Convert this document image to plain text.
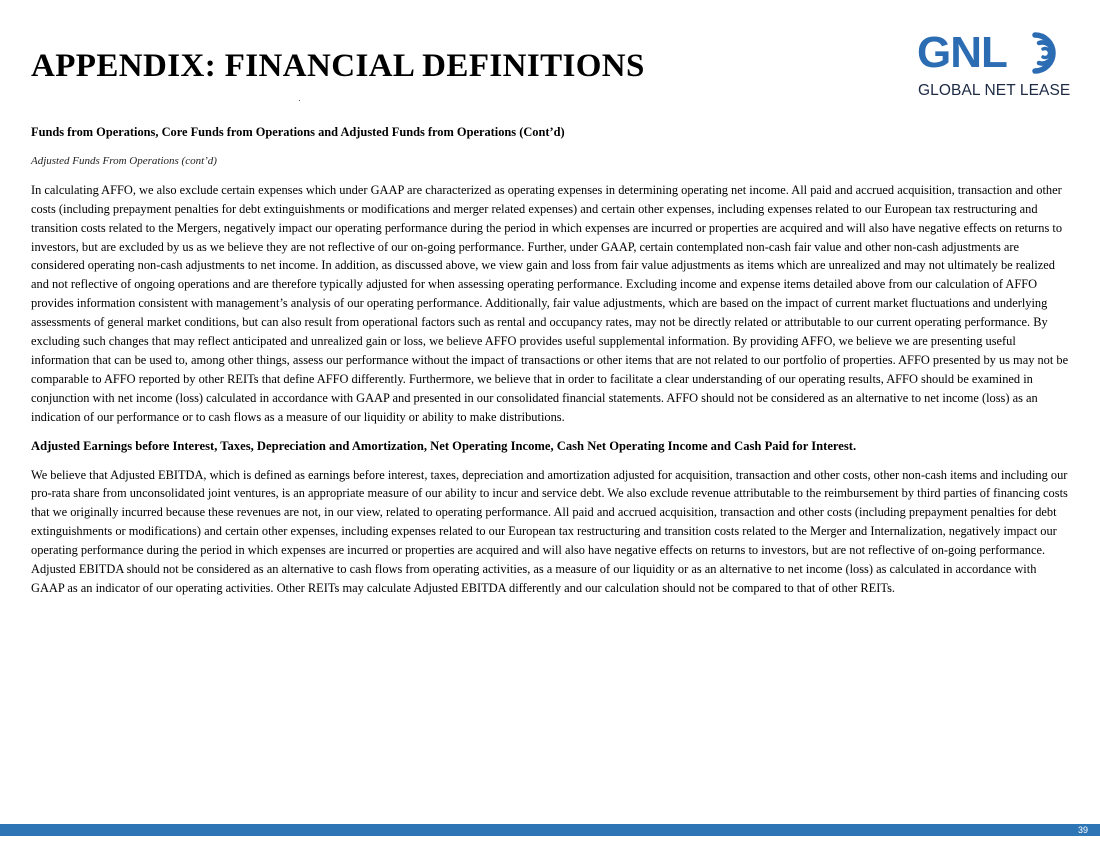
APPENDIX: FINANCIAL DEFINITIONS	GNL
GLOBAL NET LEASE

Funds from Operations, Core Funds from Operations and Adjusted Funds from Operations (Cont’d)

Adjusted Funds From Operations (cont’d)

In calculating AFFO, we also exclude certain expenses which under GAAP are characterized as operating expenses in determining operating net income. All paid and accrued acquisition, transaction and other costs (including prepayment penalties for debt extinguishments or modifications and merger related expenses) and certain other expenses, including expenses related to our European tax restructuring and transition costs related to the Mergers, negatively impact our operating performance during the period in which expenses are incurred or properties are acquired and will also have negative effects on returns to investors, but are excluded by us as we believe they are not reflective of our on-going performance. Further, under GAAP, certain contemplated non-cash fair value and other non-cash adjustments are considered operating non-cash adjustments to net income. In addition, as discussed above, we view gain and loss from fair value adjustments as items which are unrealized and may not ultimately be realized and not reflective of ongoing operations and are therefore typically adjusted for when assessing operating performance. Excluding income and expense items detailed above from our calculation of AFFO provides information consistent with management’s analysis of our operating performance. Additionally, fair value adjustments, which are based on the impact of current market fluctuations and underlying assessments of general market conditions, but can also result from operational factors such as rental and occupancy rates, may not be directly related or attributable to our current operating performance. By excluding such changes that may reflect anticipated and unrealized gain or loss, we believe AFFO provides useful supplemental information. By providing AFFO, we believe we are presenting useful information that can be used to, among other things, assess our performance without the impact of transactions or other items that are not related to our portfolio of properties. AFFO presented by us may not be comparable to AFFO reported by other REITs that define AFFO differently. Furthermore, we believe that in order to facilitate a clear understanding of our operating results, AFFO should be examined in conjunction with net income (loss) calculated in accordance with GAAP and presented in our consolidated financial statements. AFFO should not be considered as an alternative to net income (loss) as an indication of our performance or to cash flows as a measure of our liquidity or ability to make distributions.

Adjusted Earnings before Interest, Taxes, Depreciation and Amortization, Net Operating Income, Cash Net Operating Income and Cash Paid for Interest.

We believe that Adjusted EBITDA, which is defined as earnings before interest, taxes, depreciation and amortization adjusted for acquisition, transaction and other costs, other non-cash items and including our pro-rata share from unconsolidated joint ventures, is an appropriate measure of our ability to incur and service debt. We also exclude revenue attributable to the reimbursement by third parties of financing costs that we originally incurred because these revenues are not, in our view, related to operating performance. All paid and accrued acquisition, transaction and other costs (including prepayment penalties for debt extinguishments or modifications) and certain other expenses, including expenses related to our European tax restructuring and transition costs related to the Merger and Internalization, negatively impact our operating performance during the period in which expenses are incurred or properties are acquired and will also have negative effects on returns to investors, but are not reflective of on-going performance. Adjusted EBITDA should not be considered as an alternative to cash flows from operating activities, as a measure of our liquidity or as an alternative to net income (loss) as calculated in accordance with GAAP as an indicator of our operating activities. Other REITs may calculate Adjusted EBITDA differently and our calculation should not be compared to that of other REITs.

39
